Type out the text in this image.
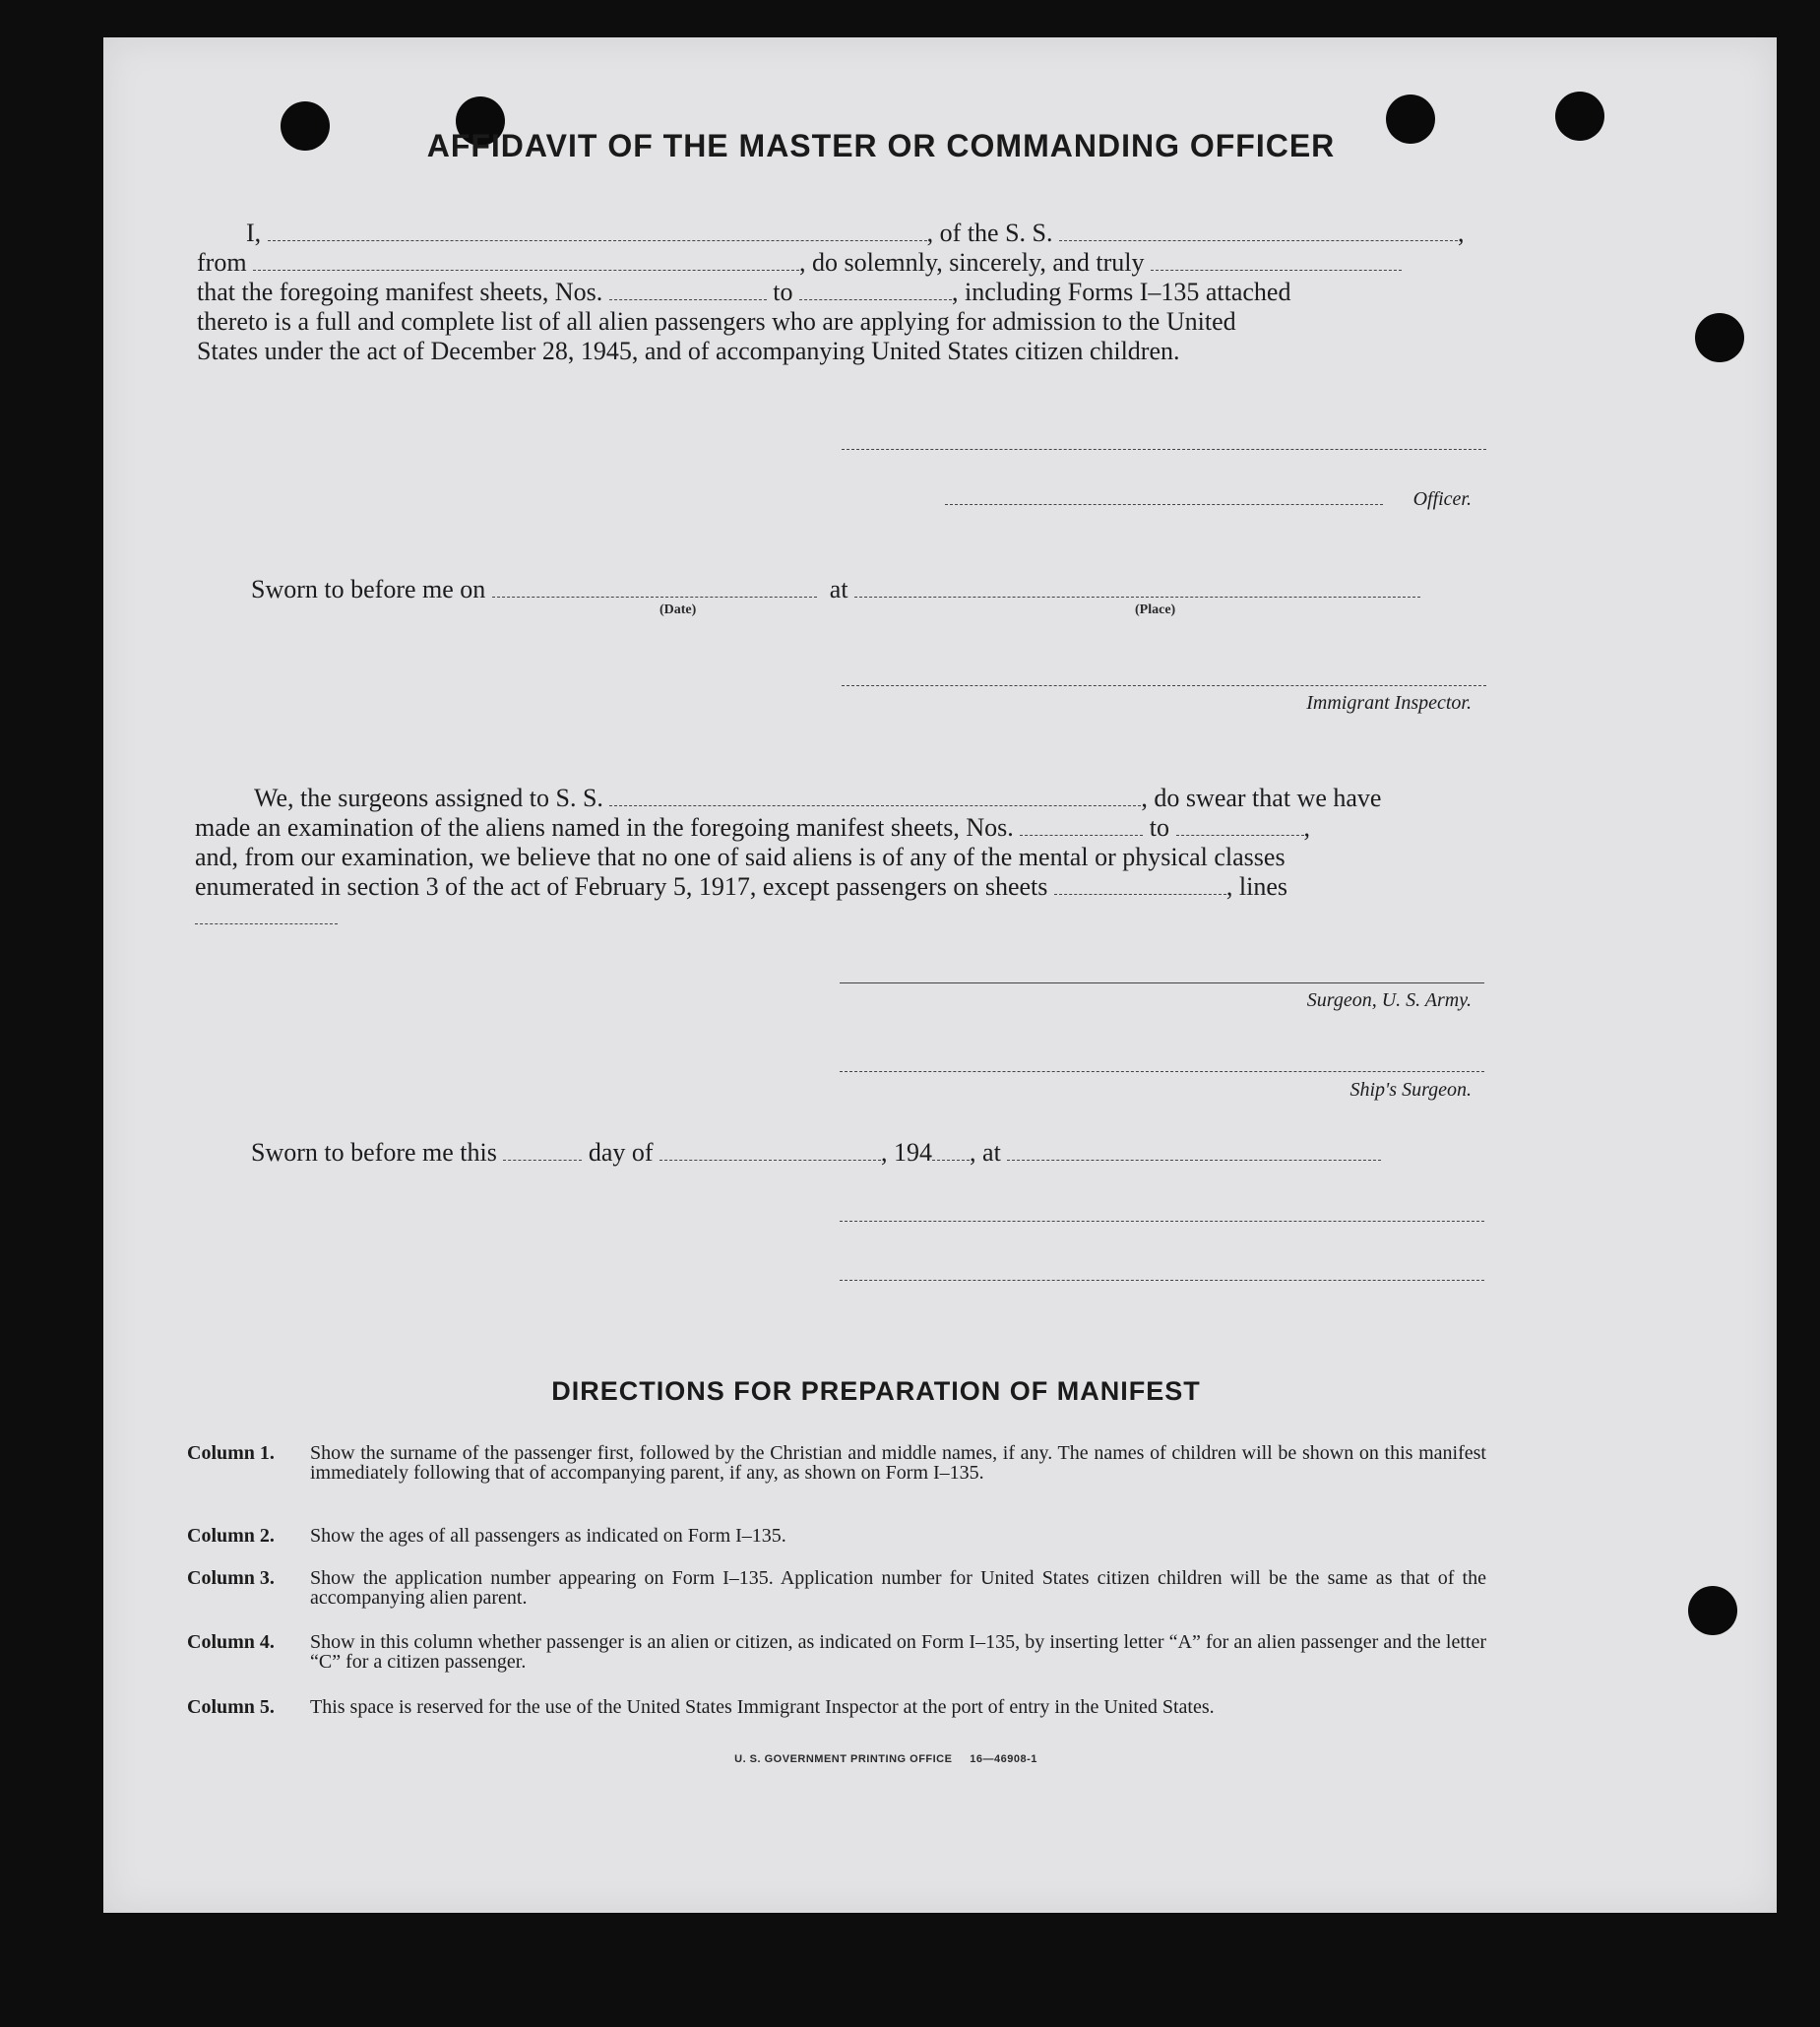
AFFIDAVIT OF THE MASTER OR COMMANDING OFFICER

I,	, of the S. S.	,

from	, do solemnly, sincerely, and truly

that the foregoing manifest sheets, Nos.	to	, including Forms I–135 attached

thereto is a full and complete list of all alien passengers who are applying for admission to the United

States under the act of December 28, 1945, and of accompanying United States citizen children.

Officer.
Sworn to before me on	at
(Date)	(Place)
Immigrant Inspector.

We, the surgeons assigned to S. S.	, do swear that we have

made an examination of the aliens named in the foregoing manifest sheets, Nos.	to	,

and, from our examination, we believe that no one of said aliens is of any of the mental or physical classes

enumerated in section 3 of the act of February 5, 1917, except passengers on sheets	, lines

Surgeon, U. S. Army.
Ship's Surgeon.
Sworn to before me this	day of	, 194 , at
DIRECTIONS FOR PREPARATION OF MANIFEST
Column 1.	Show the surname of the passenger first, followed by the Christian and middle names, if any. The names of children will be shown on this manifest immediately following that of accompanying parent, if any, as shown on Form I–135.
Column 2.	Show the ages of all passengers as indicated on Form I–135.
Column 3.	Show the application number appearing on Form I–135. Application number for United States citizen children will be the same as that of the accompanying alien parent.
Column 4.	Show in this column whether passenger is an alien or citizen, as indicated on Form I–135, by inserting letter “A” for an alien passenger and the letter “C” for a citizen passenger.
Column 5.	This space is reserved for the use of the United States Immigrant Inspector at the port of entry in the United States.
U. S. GOVERNMENT PRINTING OFFICE     16—46908-1
